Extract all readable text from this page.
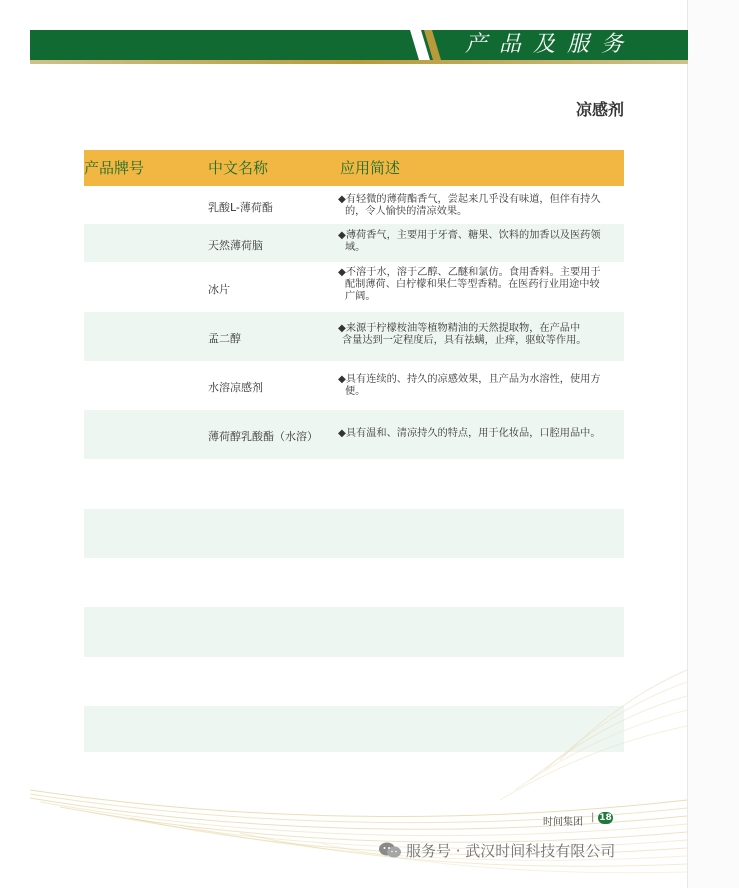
产品及服务
凉感剂
产品牌号	中文名称	应用简述
乳酸L-薄荷酯
◆有轻微的薄荷酯香气，尝起来几乎没有味道，但伴有持久
的，令人愉快的清凉效果。
天然薄荷脑
◆薄荷香气，主要用于牙膏、糖果、饮料的加香以及医药领
域。
冰片
◆不溶于水，溶于乙醇、乙醚和氯仿。食用香料。主要用于
配制薄荷、白柠檬和果仁等型香精。在医药行业用途中较
广阔。
孟二醇
◆来源于柠檬桉油等植物精油的天然提取物，在产品中
含量达到一定程度后，具有祛螨，止痒，驱蚊等作用。
水溶凉感剂
◆具有连续的、持久的凉感效果，且产品为水溶性，使用方
便。
薄荷醇乳酸酯（水溶） ◆具有温和、清凉持久的特点，用于化妆品，口腔用品中。
时间集团 | 18
服务号 · 武汉时间科技有限公司
